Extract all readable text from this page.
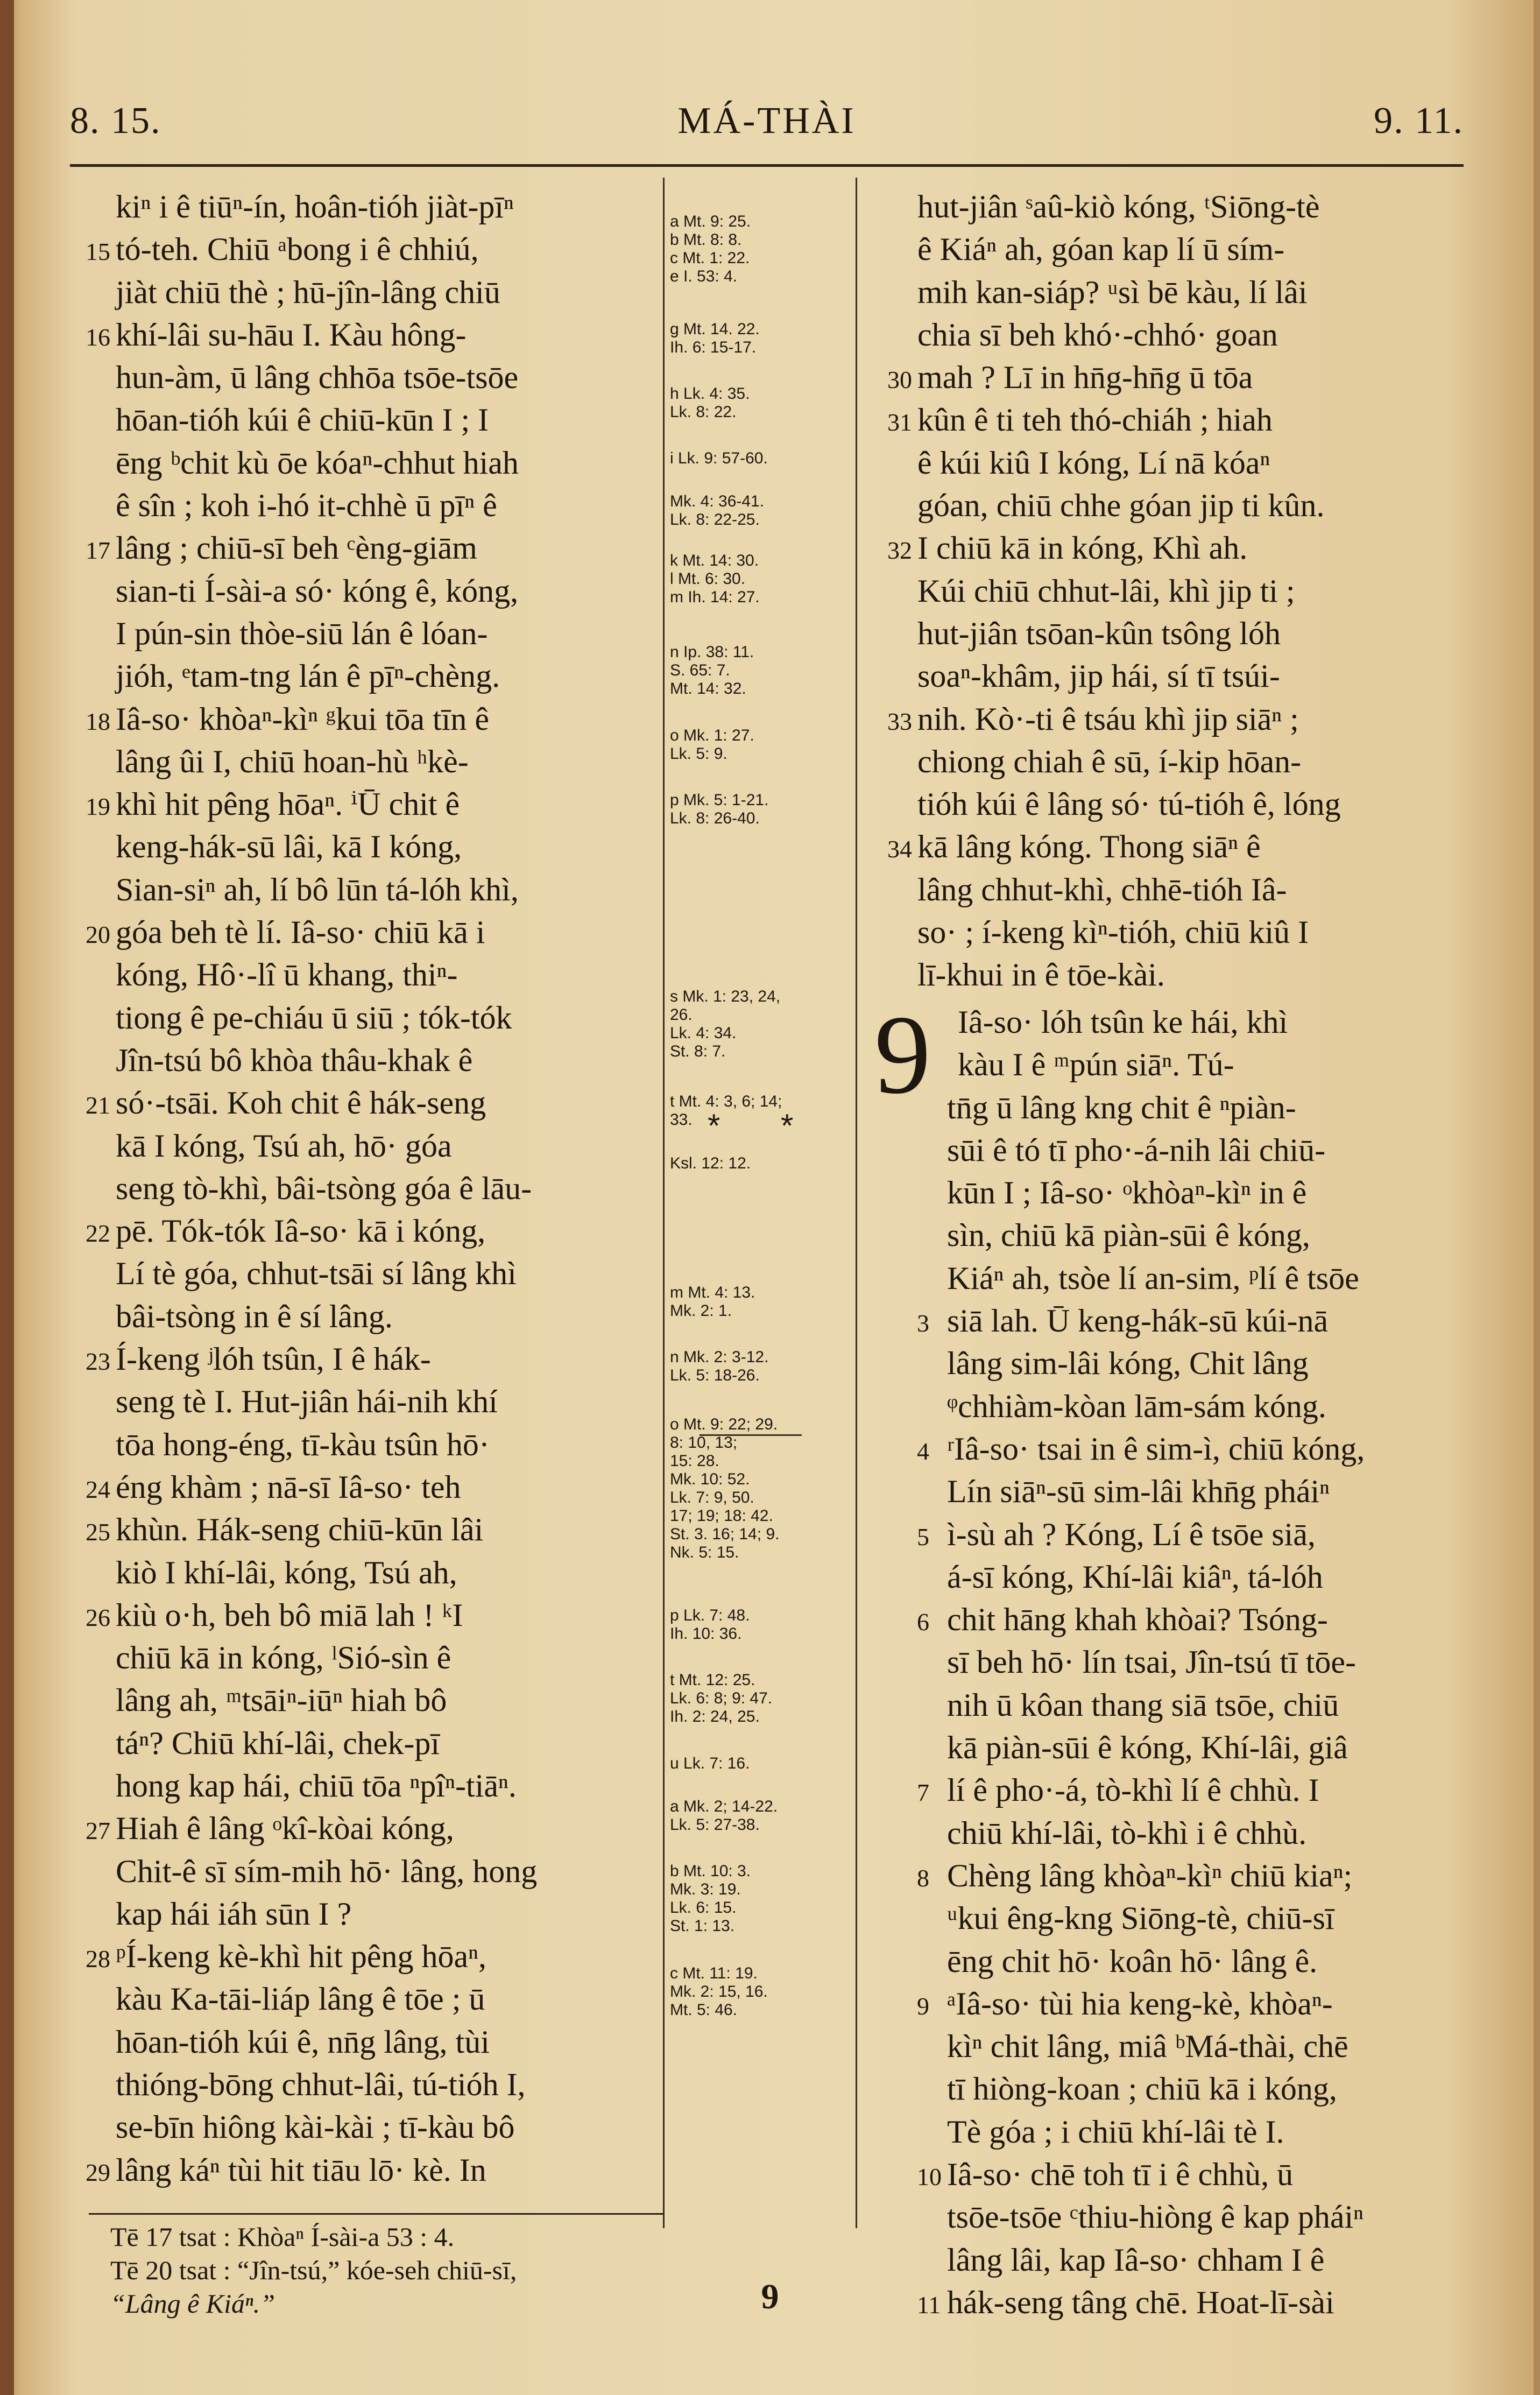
8. 15.	MÁ-THÀI	9. 11.
kiⁿ i ê tiūⁿ-ín, hoân-tióh jiàt-pīⁿ
15 tó-teh. Chiū ᵃbong i ê chhiú,
jiàt chiū thè ; hū-jîn-lâng chiū
16 khí-lâi su-hāu I. Kàu hông-
hun-àm, ū lâng chhōa tsōe-tsōe
hōan-tióh kúi ê chiū-kūn I ; I
ēng ᵇchit kù ōe kóaⁿ-chhut hiah
ê sîn ; koh i-hó it-chhè ū pīⁿ ê
17 lâng ; chiū-sī beh ᶜèng-giām
sian-ti Í-sài-a só· kóng ê, kóng,
I pún-sin thòe-siū lán ê lóan-
jióh, ᵉtam-tng lán ê pīⁿ-chèng.
18 Iâ-so· khòaⁿ-kìⁿ ᵍkui tōa tīn ê
lâng ûi I, chiū hoan-hù ʰkè-
19 khì hit pêng hōaⁿ. ⁱŪ chit ê
keng-hák-sū lâi, kā I kóng,
Sian-siⁿ ah, lí bô lūn tá-lóh khì,
20 góa beh tè lí. Iâ-so· chiū kā i
kóng, Hô·-lî ū khang, thiⁿ-
tiong ê pe-chiáu ū siū ; tók-tók
Jîn-tsú bô khòa thâu-khak ê
21 só·-tsāi. Koh chit ê hák-seng
kā I kóng, Tsú ah, hō· góa
seng tò-khì, bâi-tsòng góa ê lāu-
22 pē. Tók-tók Iâ-so· kā i kóng,
Lí tè góa, chhut-tsāi sí lâng khì
bâi-tsòng in ê sí lâng.
23 Í-keng ʲlóh tsûn, I ê hák-
seng tè I. Hut-jiân hái-nih khí
tōa hong-éng, tī-kàu tsûn hō·
24 éng khàm ; nā-sī Iâ-so· teh
25 khùn. Hák-seng chiū-kūn lâi
kiò I khí-lâi, kóng, Tsú ah,
26 kiù o·h, beh bô miā lah ! ᵏI
chiū kā in kóng, ˡSió-sìn ê
lâng ah, ᵐtsāiⁿ-iūⁿ hiah bô
táⁿ? Chiū khí-lâi, chek-pī
hong kap hái, chiū tōa ⁿpîⁿ-tiāⁿ.
27 Hiah ê lâng ᵒkî-kòai kóng,
Chit-ê sī sím-mih hō· lâng, hong
kap hái iáh sūn I ?
28 ᵖÍ-keng kè-khì hit pêng hōaⁿ,
kàu Ka-tāi-liáp lâng ê tōe ; ū
hōan-tióh kúi ê, nn̄g lâng, tùi
thióng-bōng chhut-lâi, tú-tióh I,
se-bīn hiông kài-kài ; tī-kàu bô
29 lâng káⁿ tùi hit tiāu lō· kè. In

a Mt. 9: 25.
b Mt. 8: 8.
c Mt. 1: 22.
e I. 53: 4.

g Mt. 14. 22.
Ih. 6: 15-17.

h Lk. 4: 35.
Lk. 8: 22.

i Lk. 9: 57-60.

Mk. 4: 36-41.
Lk. 8: 22-25.

k Mt. 14: 30.
l Mt. 6: 30.
m Ih. 14: 27.

n Ip. 38: 11.
S. 65: 7.
Mt. 14: 32.

o Mk. 1: 27.
Lk. 5: 9.

p Mk. 5: 1-21.
Lk. 8: 26-40.

s Mk. 1: 23, 24,
26.
Lk. 4: 34.
St. 8: 7.

t Mt. 4: 3, 6; 14;
33.

Ksl. 12: 12.

m Mt. 4: 13.
Mk. 2: 1.

n Mk. 2: 3-12.
Lk. 5: 18-26.

o Mt. 9: 22; 29.
8: 10, 13;
15: 28.
Mk. 10: 52.
Lk. 7: 9, 50.
17; 19; 18: 42.
St. 3. 16; 14; 9.
Nk. 5: 15.

p Lk. 7: 48.
Ih. 10: 36.

t Mt. 12: 25.
Lk. 6: 8; 9: 47.
Ih. 2: 24, 25.

u Lk. 7: 16.

a Mk. 2; 14-22.
Lk. 5: 27-38.

b Mt. 10: 3.
Mk. 3: 19.
Lk. 6: 15.
St. 1: 13.

c Mt. 11: 19.
Mk. 2: 15, 16.
Mt. 5: 46.

* *

hut-jiân ˢaû-kiò kóng, ᵗSiōng-tè
ê Kiáⁿ ah, góan kap lí ū sím-
mih kan-siáp? ᵘsì bē kàu, lí lâi
chia sī beh khó·-chhó· goan
30 mah ? Lī in hn̄g-hn̄g ū tōa
31 kûn ê ti teh thó-chiáh ; hiah
ê kúi kiû I kóng, Lí nā kóaⁿ
góan, chiū chhe góan jip ti kûn.
32 I chiū kā in kóng, Khì ah.
Kúi chiū chhut-lâi, khì jip ti ;
hut-jiân tsōan-kûn tsông lóh
soaⁿ-khâm, jip hái, sí tī tsúi-
33 nih. Kò·-ti ê tsáu khì jip siāⁿ ;
chiong chiah ê sū, í-kip hōan-
tióh kúi ê lâng só· tú-tióh ê, lóng
34 kā lâng kóng. Thong siāⁿ ê
lâng chhut-khì, chhē-tióh Iâ-
so· ; í-keng kìⁿ-tióh, chiū kiû I
lī-khui in ê tōe-kài.
9 Iâ-so· lóh tsûn ke hái, khì
kàu I ê ᵐpún siāⁿ. Tú-
tn̄g ū lâng kng chit ê ⁿpiàn-
sūi ê tó tī pho·-á-nih lâi chiū-
kūn I ; Iâ-so· ᵒkhòaⁿ-kìⁿ in ê
sìn, chiū kā piàn-sūi ê kóng,
Kiáⁿ ah, tsòe lí an-sim, ᵖlí ê tsōe
3 siā lah. Ū keng-hák-sū kúi-nā
lâng sim-lâi kóng, Chit lâng
ᵠchhiàm-kòan lām-sám kóng.
4 ʳIâ-so· tsai in ê sim-ì, chiū kóng,
Lín siāⁿ-sū sim-lâi khn̄g pháiⁿ
5 ì-sù ah ? Kóng, Lí ê tsōe siā,
á-sī kóng, Khí-lâi kiâⁿ, tá-lóh
6 chit hāng khah khòai? Tsóng-
sī beh hō· lín tsai, Jîn-tsú tī tōe-
nih ū kôan thang siā tsōe, chiū
kā piàn-sūi ê kóng, Khí-lâi, giâ
7 lí ê pho·-á, tò-khì lí ê chhù. I
chiū khí-lâi, tò-khì i ê chhù.
8 Chèng lâng khòaⁿ-kìⁿ chiū kiaⁿ;
ᵘkui êng-kng Siōng-tè, chiū-sī
ēng chit hō· koân hō· lâng ê.
9 ᵃIâ-so· tùi hia keng-kè, khòaⁿ-
kìⁿ chit lâng, miâ ᵇMá-thài, chē
tī hiòng-koan ; chiū kā i kóng,
Tè góa ; i chiū khí-lâi tè I.
10 Iâ-so· chē toh tī i ê chhù, ū
tsōe-tsōe ᶜthiu-hiòng ê kap pháiⁿ
lâng lâi, kap Iâ-so· chham I ê
11 hák-seng tâng chē. Hoat-lī-sài
Tē 17 tsat : Khòaⁿ Í-sài-a 53 : 4.
Tē 20 tsat : “Jîn-tsú,” kóe-seh chiū-sī,
“Lâng ê Kiáⁿ.”	9
